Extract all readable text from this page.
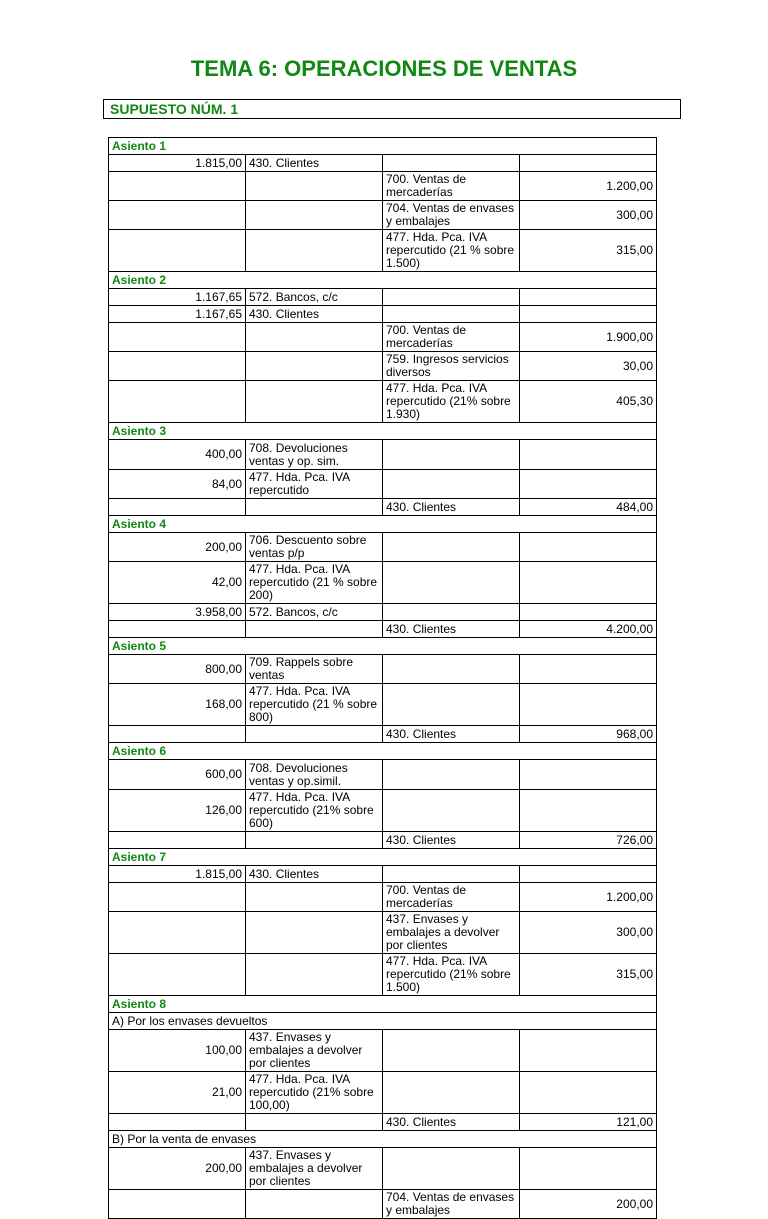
TEMA 6: OPERACIONES DE VENTAS
SUPUESTO NÚM. 1
Asiento 1			
1.815,00	430. Clientes		
		700. Ventas de mercaderías	1.200,00
		704. Ventas de envases y embalajes	300,00
		477. Hda. Pca. IVA repercutido (21 % sobre 1.500)	315,00
Asiento 2			
1.167,65	572. Bancos, c/c		
1.167,65	430. Clientes		
		700. Ventas de mercaderías	1.900,00
		759. Ingresos servicios diversos	30,00
		477. Hda. Pca. IVA repercutido (21% sobre 1.930)	405,30
Asiento 3			
400,00	708. Devoluciones ventas y op. sim.		
84,00	477. Hda. Pca. IVA repercutido		
		430. Clientes	484,00
Asiento 4			
200,00	706. Descuento sobre ventas p/p		
42,00	477. Hda. Pca. IVA repercutido (21 % sobre 200)		
3.958,00	572. Bancos, c/c		
		430. Clientes	4.200,00
Asiento 5			
800,00	709. Rappels sobre ventas		
168,00	477. Hda. Pca. IVA repercutido (21 % sobre 800)		
		430. Clientes	968,00
Asiento 6			
600,00	708. Devoluciones ventas y op.simil.		
126,00	477. Hda. Pca. IVA repercutido (21% sobre 600)		
		430. Clientes	726,00
Asiento 7			
1.815,00	430. Clientes		
		700. Ventas de mercaderías	1.200,00
		437. Envases y embalajes a devolver por clientes	300,00
		477. Hda. Pca. IVA repercutido (21% sobre 1.500)	315,00
Asiento 8			
A) Por los envases devueltos			
100,00	437. Envases y embalajes a devolver por clientes		
21,00	477. Hda. Pca. IVA repercutido (21% sobre 100,00)		
		430. Clientes	121,00
B) Por la venta de envases			
200,00	437. Envases y embalajes a devolver por clientes		
		704. Ventas de envases y embalajes	200,00
